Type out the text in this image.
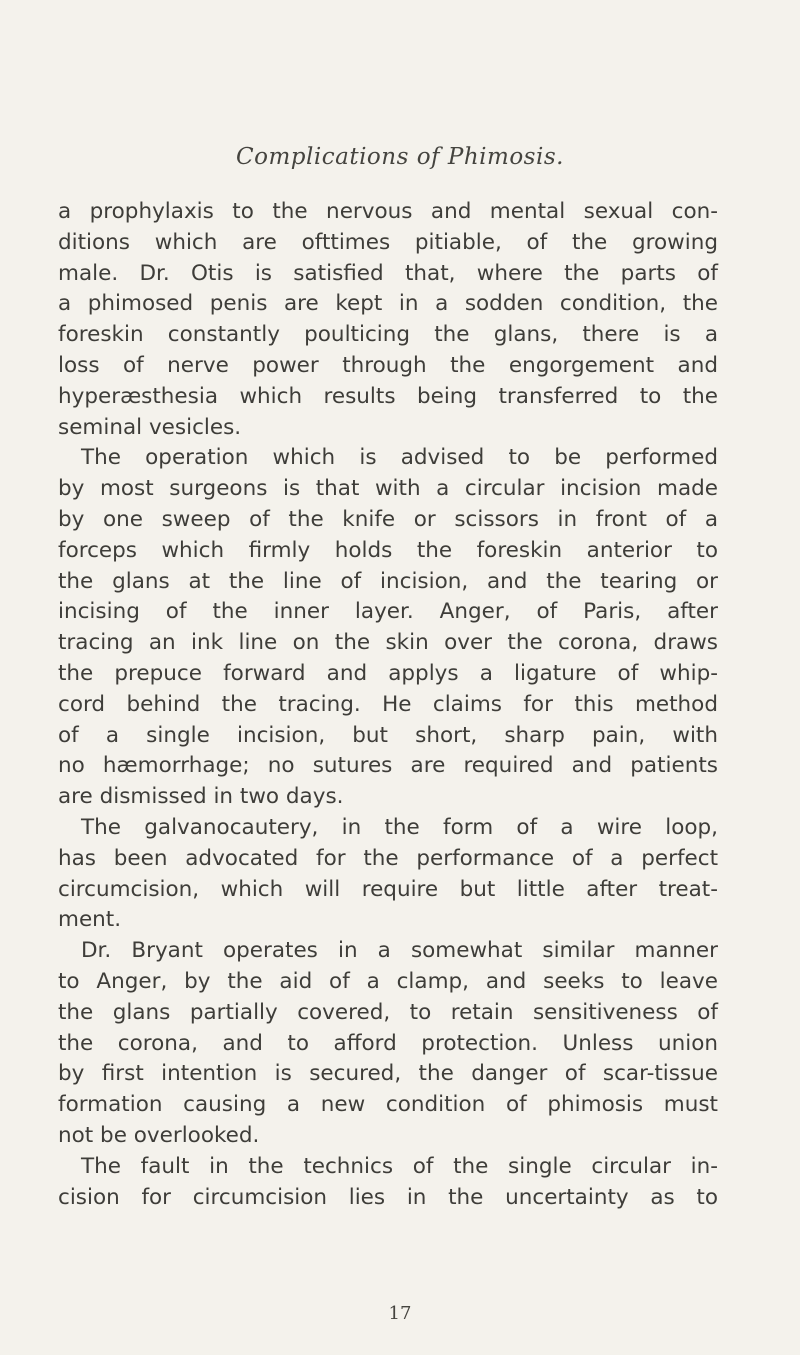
Complications of Phimosis.

a prophylaxis to the nervous and mental sexual con-
ditions which are ofttimes pitiable, of the growing
male. Dr. Otis is satisfied that, where the parts of
a phimosed penis are kept in a sodden condition, the
foreskin constantly poulticing the glans, there is a
loss of nerve power through the engorgement and
hyperæsthesia which results being transferred to the
seminal vesicles.

The operation which is advised to be performed
by most surgeons is that with a circular incision made
by one sweep of the knife or scissors in front of a
forceps which firmly holds the foreskin anterior to
the glans at the line of incision, and the tearing or
incising of the inner layer. Anger, of Paris, after
tracing an ink line on the skin over the corona, draws
the prepuce forward and applys a ligature of whip-
cord behind the tracing. He claims for this method
of a single incision, but short, sharp pain, with
no hæmorrhage; no sutures are required and patients
are dismissed in two days.

The galvanocautery, in the form of a wire loop,
has been advocated for the performance of a perfect
circumcision, which will require but little after treat-
ment.

Dr. Bryant operates in a somewhat similar manner
to Anger, by the aid of a clamp, and seeks to leave
the glans partially covered, to retain sensitiveness of
the corona, and to afford protection. Unless union
by first intention is secured, the danger of scar-tissue
formation causing a new condition of phimosis must
not be overlooked.

The fault in the technics of the single circular in-
cision for circumcision lies in the uncertainty as to

17
